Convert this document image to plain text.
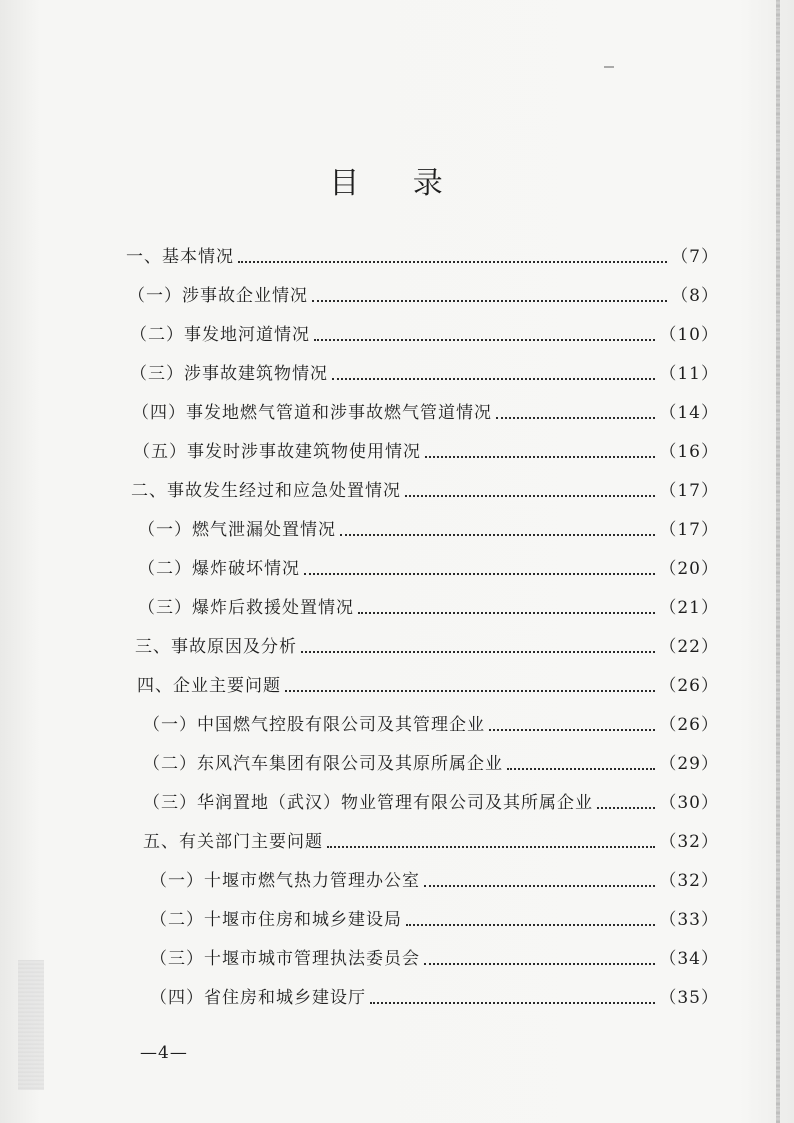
目 录
一、基本情况	（7）
（一）涉事故企业情况	（8）
（二）事发地河道情况	（10）
（三）涉事故建筑物情况	（11）
（四）事发地燃气管道和涉事故燃气管道情况	（14）
（五）事发时涉事故建筑物使用情况	（16）
二、事故发生经过和应急处置情况	（17）
（一）燃气泄漏处置情况	（17）
（二）爆炸破坏情况	（20）
（三）爆炸后救援处置情况	（21）
三、事故原因及分析	（22）
四、企业主要问题	（26）
（一）中国燃气控股有限公司及其管理企业	（26）
（二）东风汽车集团有限公司及其原所属企业	（29）
（三）华润置地（武汉）物业管理有限公司及其所属企业	（30）
五、有关部门主要问题	（32）
（一）十堰市燃气热力管理办公室	（32）
（二）十堰市住房和城乡建设局	（33）
（三）十堰市城市管理执法委员会	（34）
（四）省住房和城乡建设厅	（35）
—4—
